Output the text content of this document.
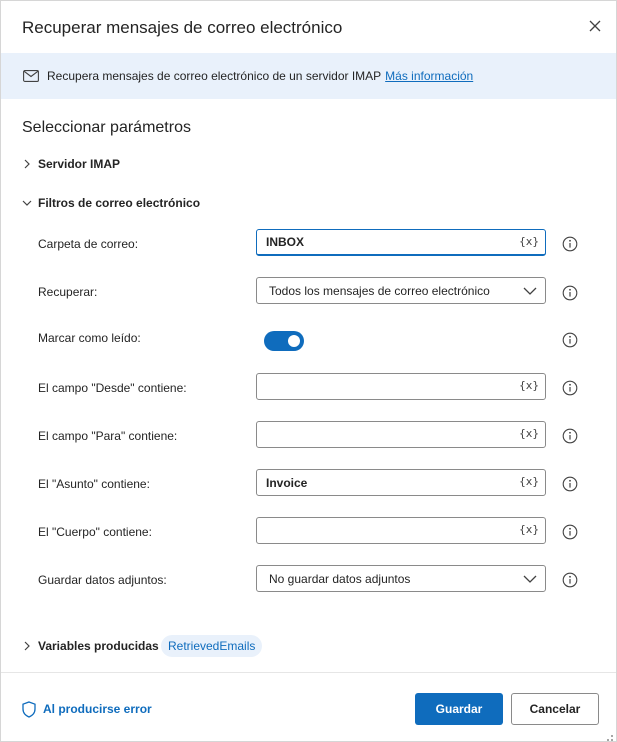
Recuperar mensajes de correo electrónico
Recupera mensajes de correo electrónico de un servidor IMAP Más información
Seleccionar parámetros
Servidor IMAP
Filtros de correo electrónico
Carpeta de correo:	INBOX	{x}
Recuperar:	Todos los mensajes de correo electrónico
Marcar como leído:
El campo "Desde" contiene:	{x}
El campo "Para" contiene:	{x}
El "Asunto" contiene:	Invoice	{x}
El "Cuerpo" contiene:	{x}
Guardar datos adjuntos:	No guardar datos adjuntos
Variables producidas RetrievedEmails
Al producirse error	Guardar	Cancelar
